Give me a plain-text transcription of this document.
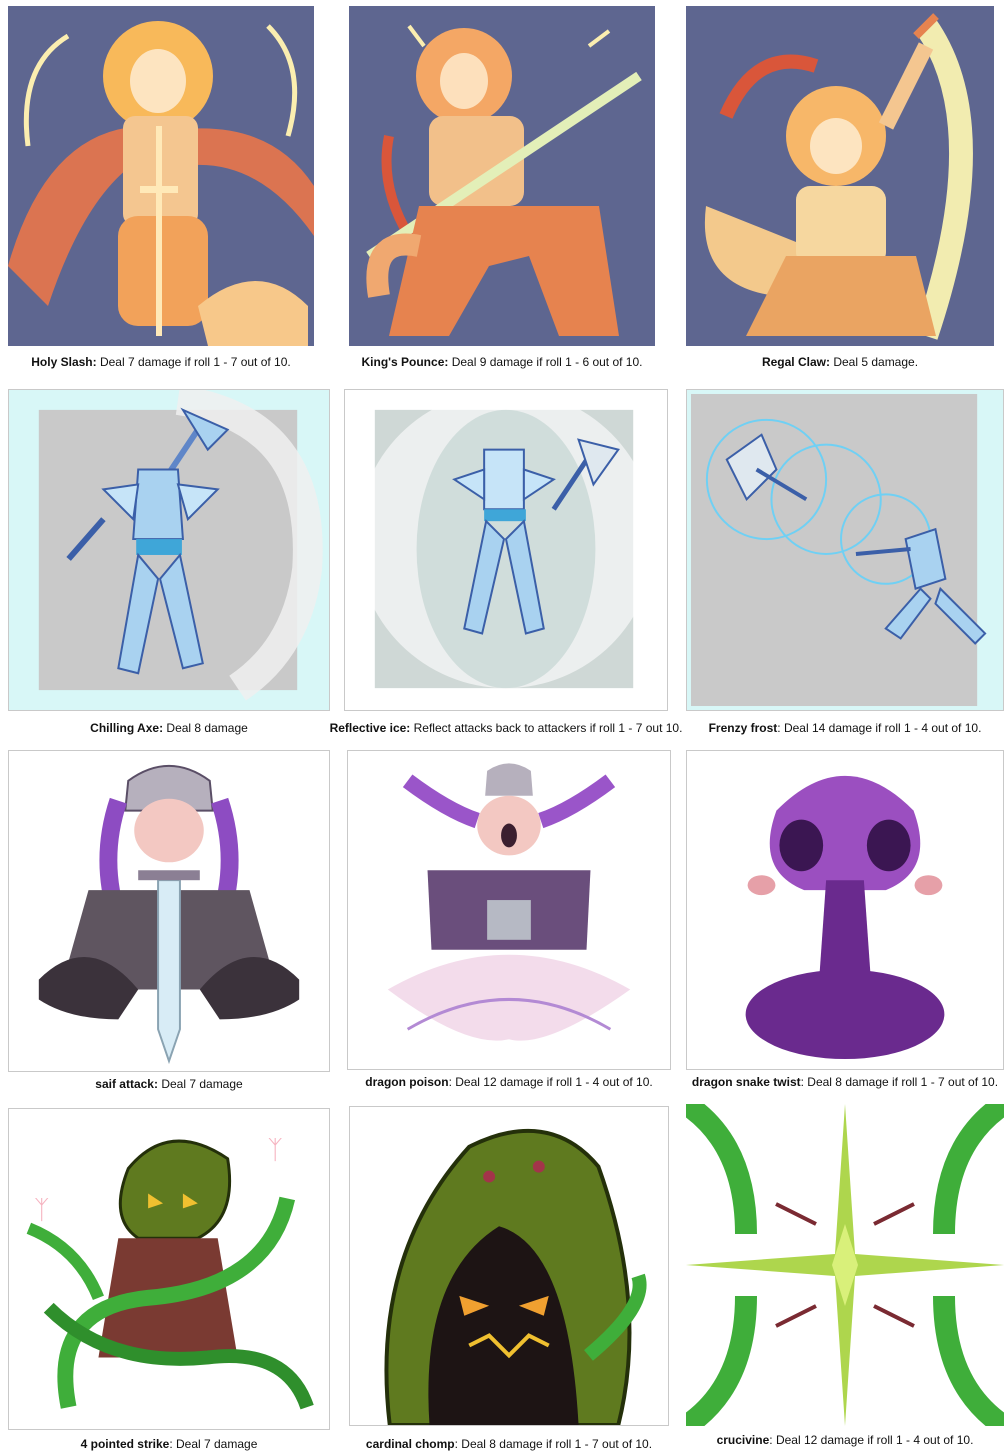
Holy Slash: Deal 7 damage if roll 1 - 7 out of 10.	King's Pounce: Deal 9 damage if roll 1 - 6 out of 10.	Regal Claw: Deal 5 damage.
Chilling Axe: Deal 8 damage	Reflective ice: Reflect attacks back to attackers if roll 1 - 7 out 10.	Frenzy frost: Deal 14 damage if roll 1 - 4 out of 10.
saif attack: Deal 7 damage	dragon poison: Deal 12 damage if roll 1 - 4 out of 10.	dragon snake twist: Deal 8 damage if roll 1 - 7 out of 10.
ᛉ
ᛉ
4 pointed strike: Deal 7 damage	cardinal chomp: Deal 8 damage if roll 1 - 7 out of 10.	crucivine: Deal 12 damage if roll 1 - 4 out of 10.
